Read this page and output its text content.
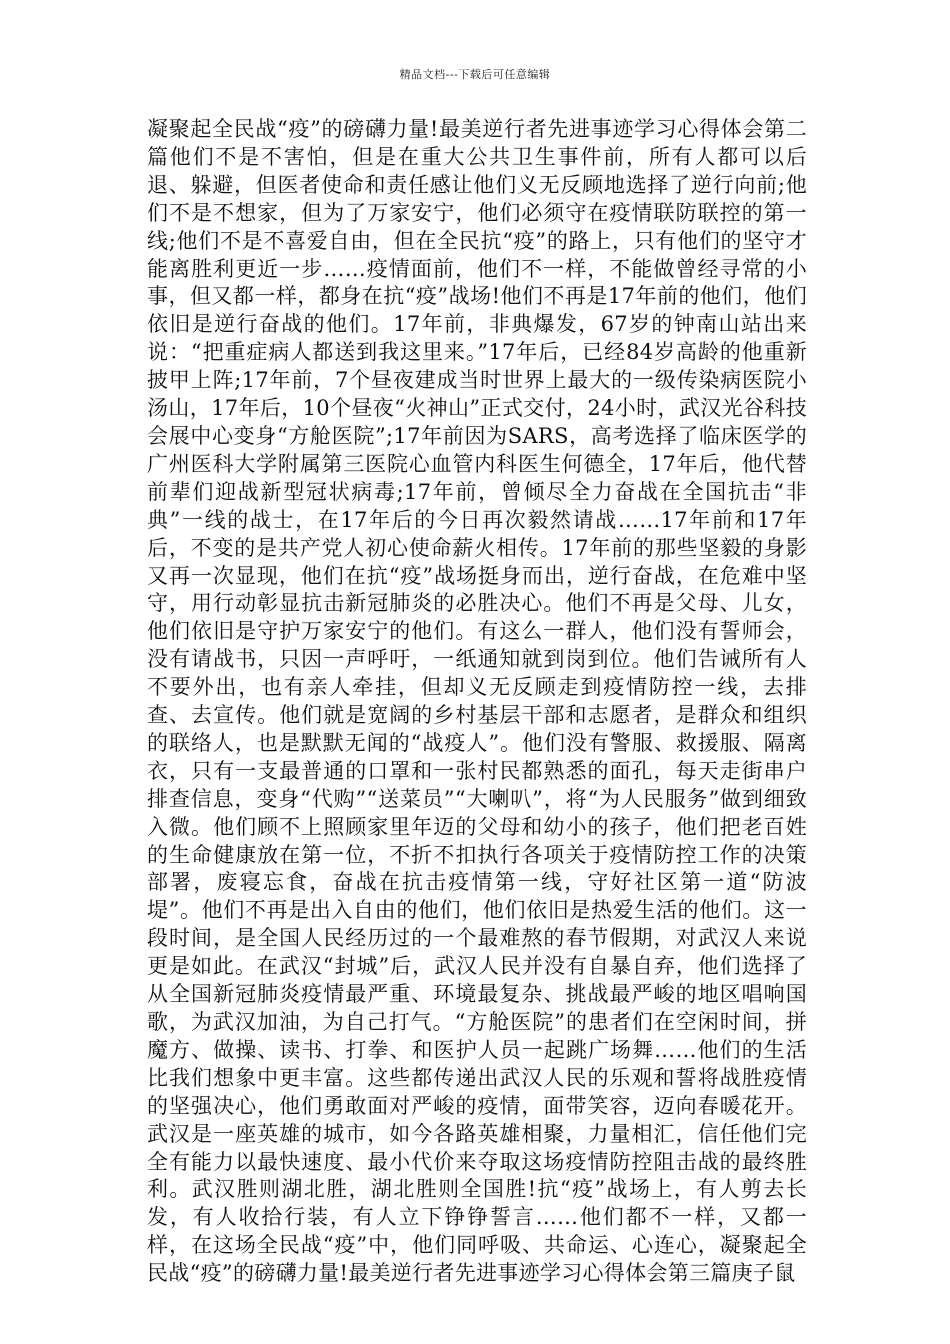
精品文档---下载后可任意编辑

凝聚起全民战“疫”的磅礴力量!最美逆行者先进事迹学习心得体会第二篇他们不是不害怕，但是在重大公共卫生事件前，所有人都可以后退、躲避，但医者使命和责任感让他们义无反顾地选择了逆行向前;他们不是不想家，但为了万家安宁，他们必须守在疫情联防联控的第一线;他们不是不喜爱自由，但在全民抗“疫”的路上，只有他们的坚守才能离胜利更近一步……疫情面前，他们不一样，不能做曾经寻常的小事，但又都一样，都身在抗“疫”战场!他们不再是17年前的他们，他们依旧是逆行奋战的他们。17年前，非典爆发，67岁的钟南山站出来说：“把重症病人都送到我这里来。”17年后，已经84岁高龄的他重新披甲上阵;17年前，7个昼夜建成当时世界上最大的一级传染病医院小汤山，17年后，10个昼夜“火神山”正式交付，24小时，武汉光谷科技会展中心变身“方舱医院”;17年前因为SARS，高考选择了临床医学的广州医科大学附属第三医院心血管内科医生何德全，17年后，他代替前辈们迎战新型冠状病毒;17年前，曾倾尽全力奋战在全国抗击“非典”一线的战士，在17年后的今日再次毅然请战……17年前和17年后，不变的是共产党人初心使命薪火相传。17年前的那些坚毅的身影又再一次显现，他们在抗“疫”战场挺身而出，逆行奋战，在危难中坚守，用行动彰显抗击新冠肺炎的必胜决心。他们不再是父母、儿女，他们依旧是守护万家安宁的他们。有这么一群人，他们没有誓师会，没有请战书，只因一声呼吁，一纸通知就到岗到位。他们告诫所有人不要外出，也有亲人牵挂，但却义无反顾走到疫情防控一线，去排查、去宣传。他们就是宽阔的乡村基层干部和志愿者，是群众和组织的联络人，也是默默无闻的“战疫人”。他们没有警服、救援服、隔离衣，只有一支最普通的口罩和一张村民都熟悉的面孔，每天走街串户排查信息，变身“代购”“送菜员”“大喇叭”，将“为人民服务”做到细致入微。他们顾不上照顾家里年迈的父母和幼小的孩子，他们把老百姓的生命健康放在第一位，不折不扣执行各项关于疫情防控工作的决策部署，废寝忘食，奋战在抗击疫情第一线，守好社区第一道“防波堤”。他们不再是出入自由的他们，他们依旧是热爱生活的他们。这一段时间，是全国人民经历过的一个最难熬的春节假期，对武汉人来说更是如此。在武汉“封城”后，武汉人民并没有自暴自弃，他们选择了从全国新冠肺炎疫情最严重、环境最复杂、挑战最严峻的地区唱响国歌，为武汉加油，为自己打气。“方舱医院”的患者们在空闲时间，拼魔方、做操、读书、打拳、和医护人员一起跳广场舞……他们的生活比我们想象中更丰富。这些都传递出武汉人民的乐观和誓将战胜疫情的坚强决心，他们勇敢面对严峻的疫情，面带笑容，迈向春暖花开。武汉是一座英雄的城市，如今各路英雄相聚，力量相汇，信任他们完全有能力以最快速度、最小代价来夺取这场疫情防控阻击战的最终胜利。武汉胜则湖北胜，湖北胜则全国胜!抗“疫”战场上，有人剪去长发，有人收拾行装，有人立下铮铮誓言……他们都不一样，又都一样，在这场全民战“疫”中，他们同呼吸、共命运、心连心，凝聚起全民战“疫”的磅礴力量!最美逆行者先进事迹学习心得体会第三篇庚子鼠
